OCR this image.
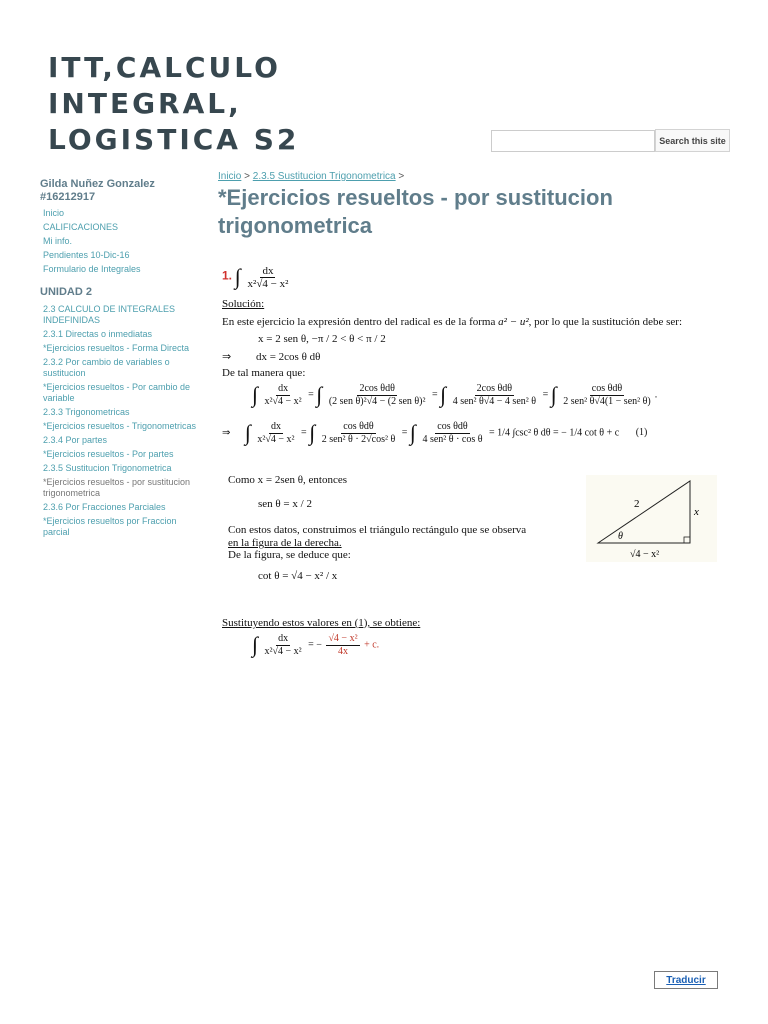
ITT,CALCULO
INTEGRAL,
LOGISTICA S2	Search this site
Gilda Nuñez Gonzalez #16212917
Inicio
CALIFICACIONES
Mi info.
Pendientes 10-Dic-16
Formulario de Integrales
UNIDAD 2
2.3 CALCULO DE INTEGRALES INDEFINIDAS
2.3.1 Directas o inmediatas
*Ejercicios resueltos - Forma Directa
2.3.2 Por cambio de variables o sustitucion
*Ejercicios resueltos - Por cambio de variable
2.3.3 Trigonometricas
*Ejercicios resueltos - Trigonometricas
2.3.4 Por partes
*Ejercicios resueltos - Por partes
2.3.5 Sustitucion Trigonometrica
*Ejercicios resueltos - por sustitucion trigonometrica
2.3.6 Por Fracciones Parciales
*Ejercicios resueltos por Fraccion parcial
Inicio > 2.3.5 Sustitucion Trigonometrica >
*Ejercicios resueltos - por sustitucion trigonometrica
1. ∫ $\frac{dx}{\text{x²√4 − x²}}$
Solución:
En este ejercicio la expresión dentro del radical es de la forma a² − u², por lo que la sustitución debe ser:
x = 2 sen θ, −π / 2 < θ < π / 2
⇒ dx = 2cos θ dθ
De tal manera que:
∫ $\frac{dx}{\text{x²√4 − x²}}$ = ∫ $\frac{\text{2cos θdθ}}{\text{(2 sen θ)²√4 − (2 sen θ)²}}$ = ∫ $\frac{\text{2cos θdθ}}{\text{4 sen² θ√4 − 4 sen² θ}}$ = ∫ $\frac{\text{cos θdθ}}{\text{2 sen² θ√4(1 − sen² θ)}}$ .
⇒ ∫ $\frac{dx}{\text{x²√4 − x²}}$ = ∫ $\frac{\text{cos θdθ}}{\text{2 sen² θ · 2√cos² θ}}$ = ∫ $\frac{\text{cos θdθ}}{\text{4 sen² θ · cos θ}} = 1/4$ ∫csc² θ dθ = − 1/4 cot θ + c (1)
Como x = 2sen θ, entonces
sen θ = x / 2
Con estos datos, construimos el triángulo rectángulo que se observa
en la figura de la derecha.
De la figura, se deduce que:
cot θ = √4 − x² / x
Sustituyendo estos valores en (1), se obtiene:
∫ $\frac{dx}{\text{x²√4 − x²}}$ = − $\frac{\text{√4 − x²}}{4x} + c$.
2
x
θ
√4 − x²
Traducir
